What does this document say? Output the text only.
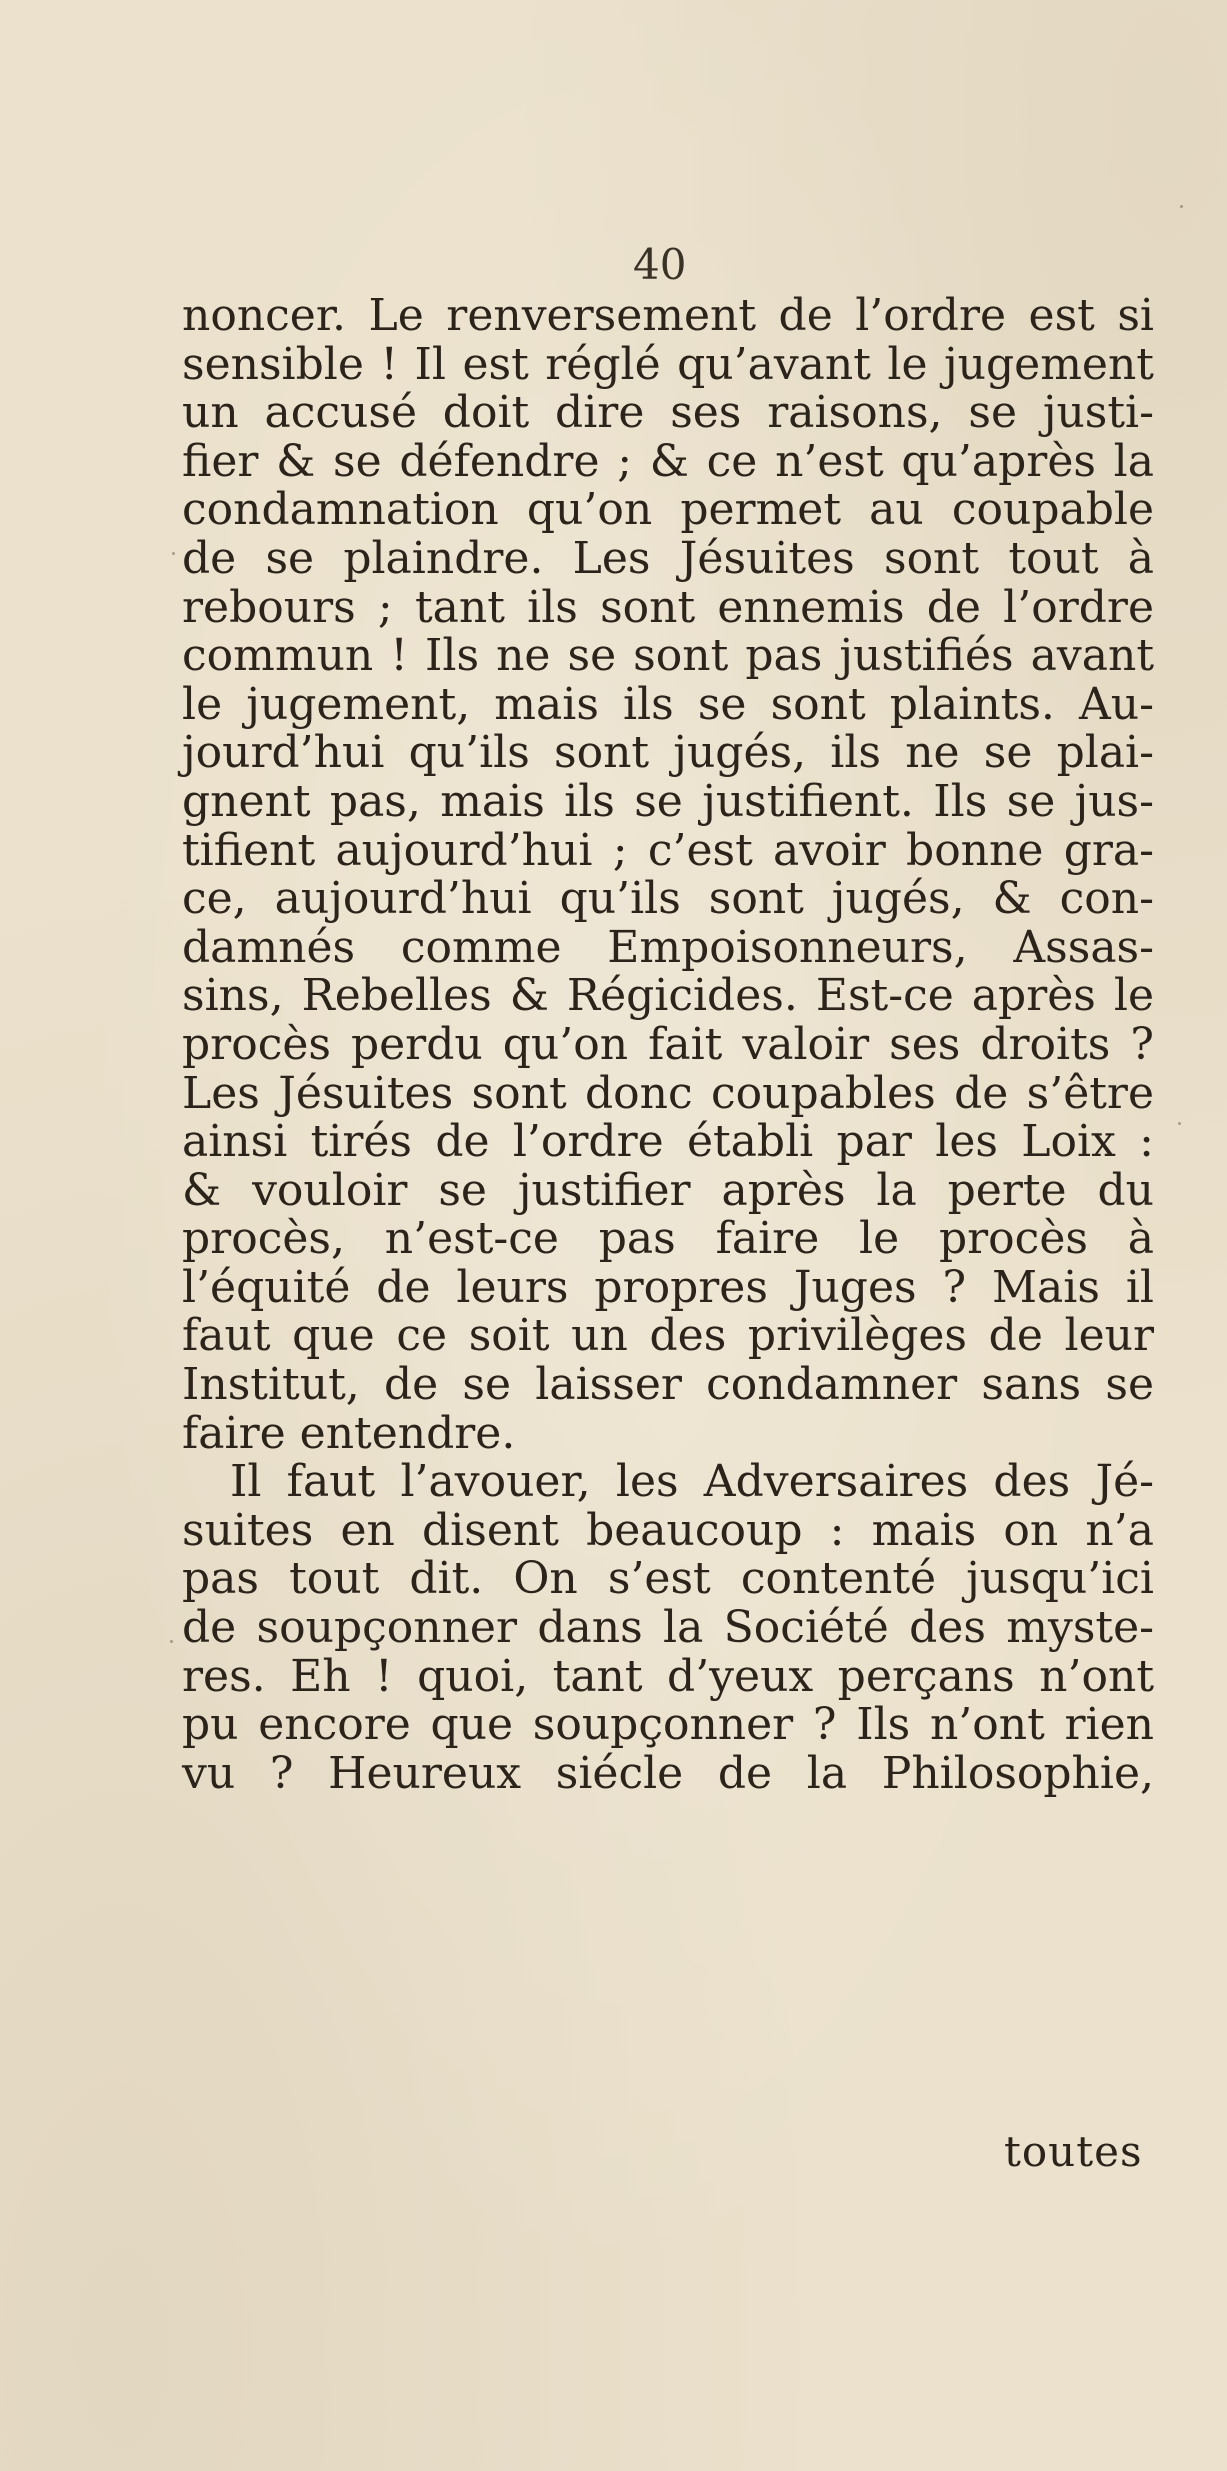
40
noncer. Le renversement de l’ordre est si
sensible ! Il est réglé qu’avant le jugement
un accusé doit dire ses raisons, se justi-
fier & se défendre ; & ce n’est qu’après la
condamnation qu’on permet au coupable
de se plaindre. Les Jésuites sont tout à
rebours ; tant ils sont ennemis de l’ordre
commun ! Ils ne se sont pas justifiés avant
le jugement, mais ils se sont plaints. Au-
jourd’hui qu’ils sont jugés, ils ne se plai-
gnent pas, mais ils se justifient. Ils se jus-
tifient aujourd’hui ; c’est avoir bonne gra-
ce, aujourd’hui qu’ils sont jugés, & con-
damnés comme Empoisonneurs, Assas-
sins, Rebelles & Régicides. Est-ce après le
procès perdu qu’on fait valoir ses droits ?
Les Jésuites sont donc coupables de s’être
ainsi tirés de l’ordre établi par les Loix :
& vouloir se justifier après la perte du
procès, n’est-ce pas faire le procès à
l’équité de leurs propres Juges ? Mais il
faut que ce soit un des privilèges de leur
Institut, de se laisser condamner sans se
faire entendre.
Il faut l’avouer, les Adversaires des Jé-
suites en disent beaucoup : mais on n’a
pas tout dit. On s’est contenté jusqu’ici
de soupçonner dans la Société des myste-
res. Eh ! quoi, tant d’yeux perçans n’ont
pu encore que soupçonner ? Ils n’ont rien
vu ? Heureux siécle de la Philosophie,
toutes
